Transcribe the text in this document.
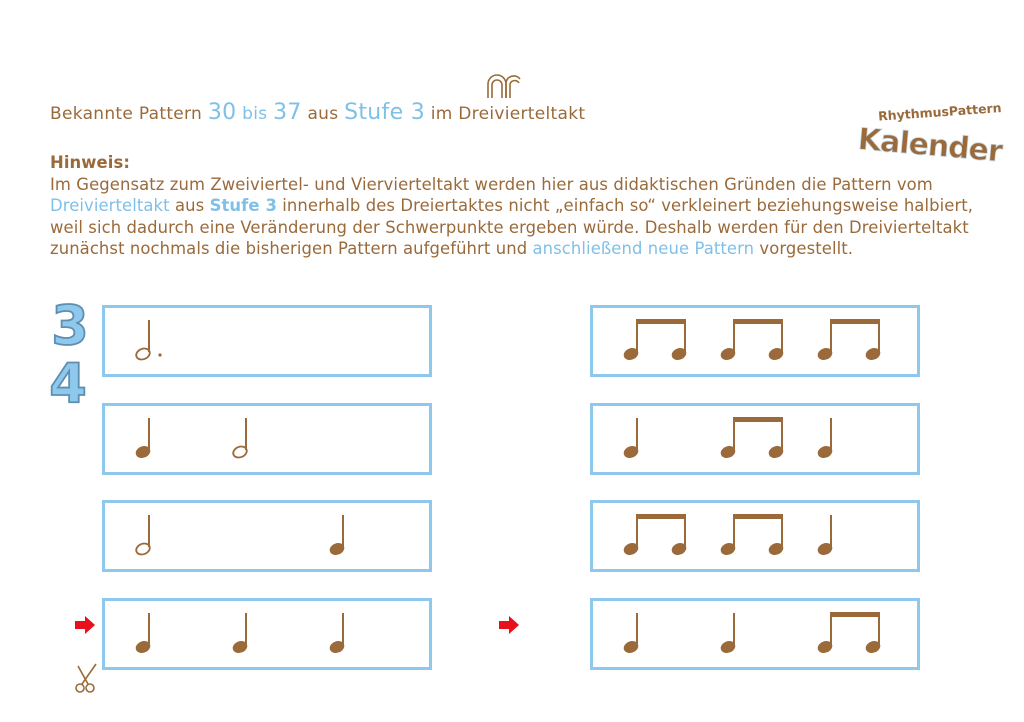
Bekannte Pattern 30 bis 37 aus Stufe 3 im Dreivierteltakt	RhythmusPattern
Kalender
Hinweis:
Im Gegensatz zum Zweiviertel- und Viervierteltakt werden hier aus didaktischen Gründen die Pattern vom Dreivierteltakt aus Stufe 3 innerhalb des Dreiertaktes nicht „einfach so“ verkleinert beziehungsweise halbiert, weil sich dadurch eine Veränderung der Schwerpunkte ergeben würde. Deshalb werden für den Dreivierteltakt zunächst nochmals die bisherigen Pattern aufgeführt und anschließend neue Pattern vorgestellt.
3
4
